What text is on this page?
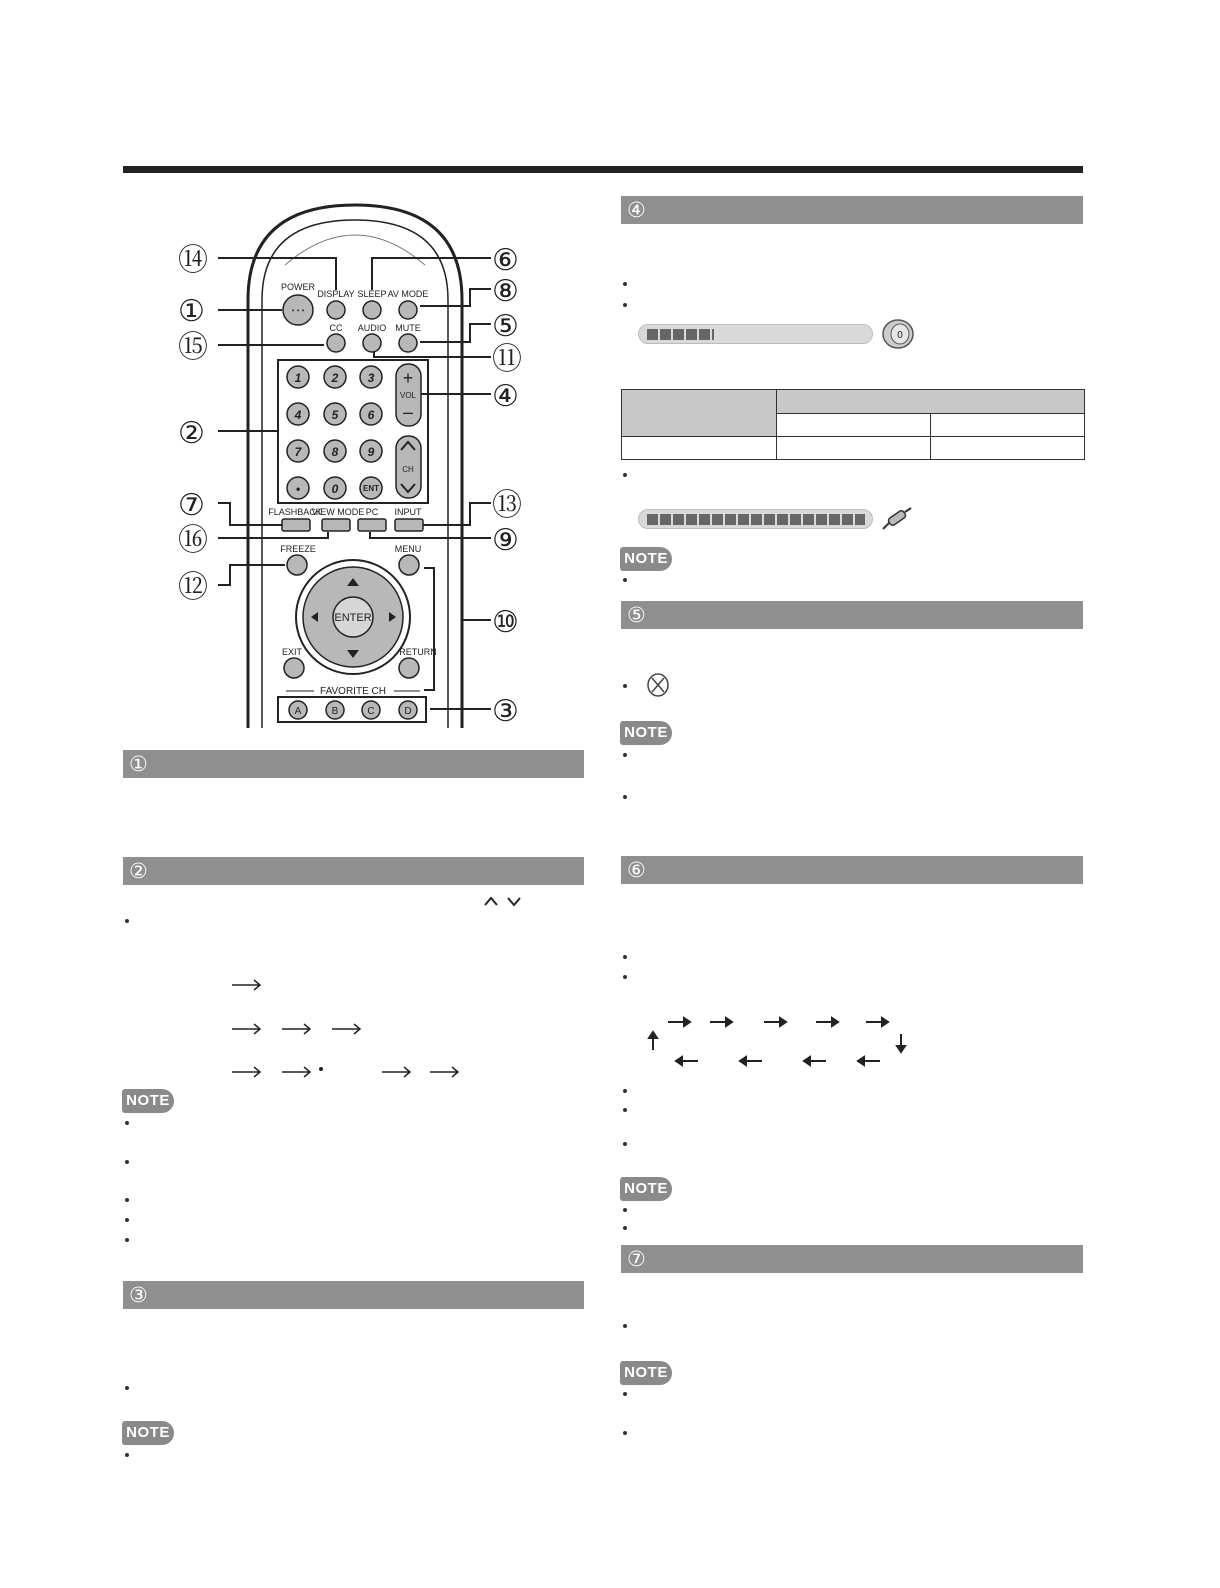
⑭
①
⑮
②
⑦
⑯
⑫
⑥
⑧
⑤
⑪
④
⑬
⑨
⑩
③
POWER
DISPLAY SLEEP AV MODE
CC AUDIO MUTE
• • •
1	2 3
4	5 6
7	8 9
•	0	ENT
+
VOL
–
CH
FLASHBACK
VIEW MODE PC INPUT
FREEZE	MENU
ENTER
EXIT	RETURN
FAVORITE CH
A	B	C	D
①
②
NOTE
③
NOTE
④
0

NOTE
⑤
NOTE
⑥
NOTE
⑦
NOTE
